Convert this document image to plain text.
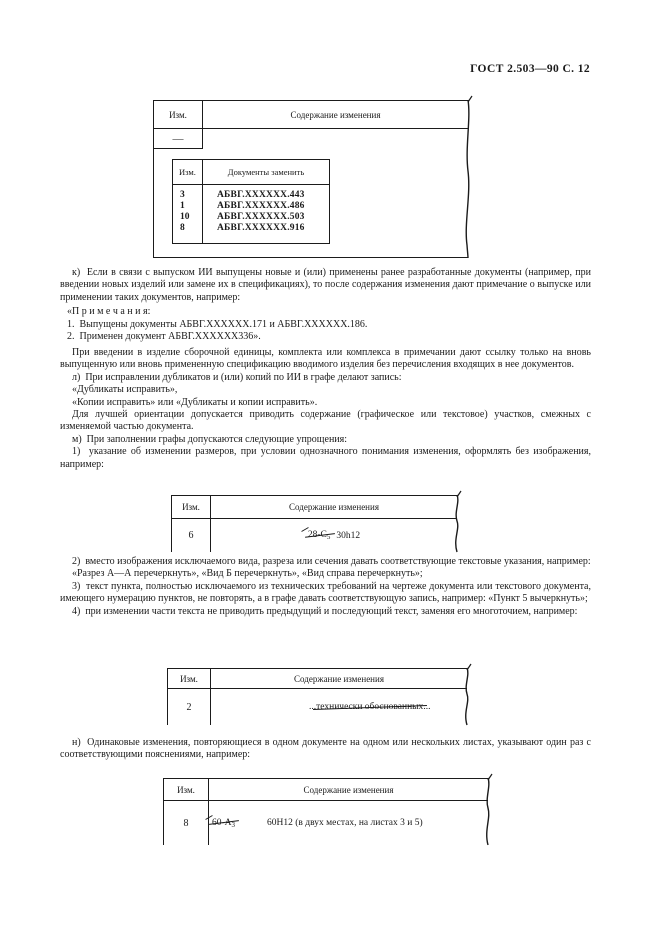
ГОСТ 2.503—90 С. 12
Изм.
—
Содержание изменения
Изм.	Документы заменить
3
1
10
8
АБВГ.XXXXXX.443
АБВГ.XXXXXX.486
АБВГ.XXXXXX.503
АБВГ.XXXXXX.916

к)  Если в связи с выпуском ИИ выпущены новые и (или) применены ранее разработанные документы (например, при введении новых изделий или замене их в спецификациях), то после содержания изменения дают примечание о выпуске или применении таких документов, например:

«П р и м е ч а н и я:

1.  Выпущены документы АБВГ.XXXXXX.171 и АБВГ.XXXXXX.186.

2.  Применен документ АБВГ.XXXXXX336».

При введении в изделие сборочной единицы, комплекта или комплекса в примечании дают ссылку только на вновь выпущенную или вновь примененную спецификацию вводимого изделия без перечисления входящих в нее документов.

л)  При исправлении дубликатов и (или) копий по ИИ в графе делают запись:

«Дубликаты исправить»,

«Копии исправить» или «Дубликаты и копии исправить».

Для лучшей ориентации допускается приводить содержание (графическое или текстовое) участков, смежных с изменяемой частью документа.

м)  При заполнении графы допускаются следующие упрощения:

1)  указание об изменении размеров, при условии однозначного понимания изменения, оформлять без изображения, например:

Изм.
6
Содержание изменения
$28-С_5$ 30h12

2)  вместо изображения исключаемого вида, разреза или сечения давать соответствующие текстовые указания, например:

«Разрез А—А перечеркнуть», «Вид Б перечеркнуть», «Вид справа перечеркнуть»;

3)  текст пункта, полностью исключаемого из технических требований на чертеже документа или текстового документа, имеющего нумерацию пунктов, не повторять, а в графе давать соответствующую запись, например: «Пункт 5 вычеркнуть»;

4)  при изменении части текста не приводить предыдущий и последующий текст, заменяя его многоточием, например:

Изм.
2
Содержание изменения
... технически обоснованных ...

н)  Одинаковые изменения, повторяющиеся в одном документе на одном или нескольких листах, указывают один раз с соответствующими пояснениями, например:

Изм.
8
Содержание изменения
$60-А_3$	60Н12 (в двух местах, на листах 3 и 5)
